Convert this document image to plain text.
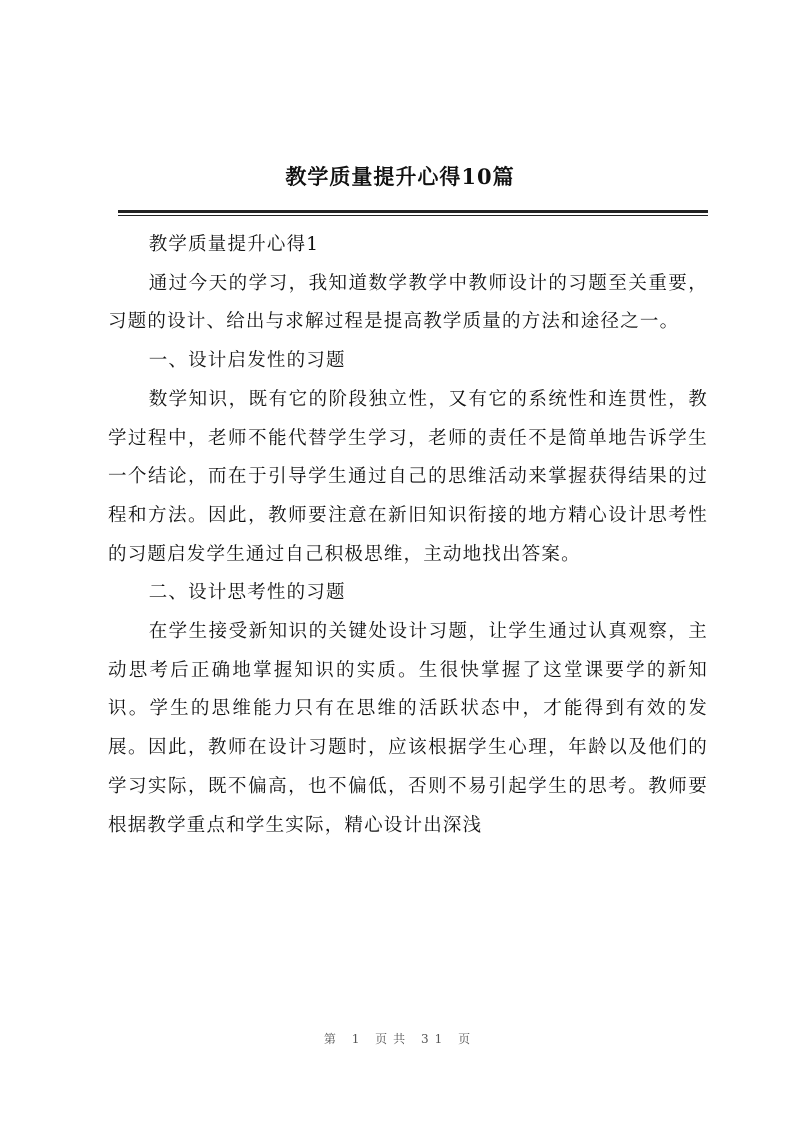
教学质量提升心得10篇

教学质量提升心得1

通过今天的学习，我知道数学教学中教师设计的习题至关重要，习题的设计、给出与求解过程是提高教学质量的方法和途径之一。

一、设计启发性的习题

数学知识，既有它的阶段独立性，又有它的系统性和连贯性，教学过程中，老师不能代替学生学习，老师的责任不是简单地告诉学生一个结论，而在于引导学生通过自己的思维活动来掌握获得结果的过程和方法。因此，教师要注意在新旧知识衔接的地方精心设计思考性的习题启发学生通过自己积极思维，主动地找出答案。

二、设计思考性的习题

在学生接受新知识的关键处设计习题，让学生通过认真观察，主动思考后正确地掌握知识的实质。生很快掌握了这堂课要学的新知识。学生的思维能力只有在思维的活跃状态中，才能得到有效的发展。因此，教师在设计习题时，应该根据学生心理，年龄以及他们的学习实际，既不偏高，也不偏低，否则不易引起学生的思考。教师要根据教学重点和学生实际，精心设计出深浅

第 1 页共 31 页
